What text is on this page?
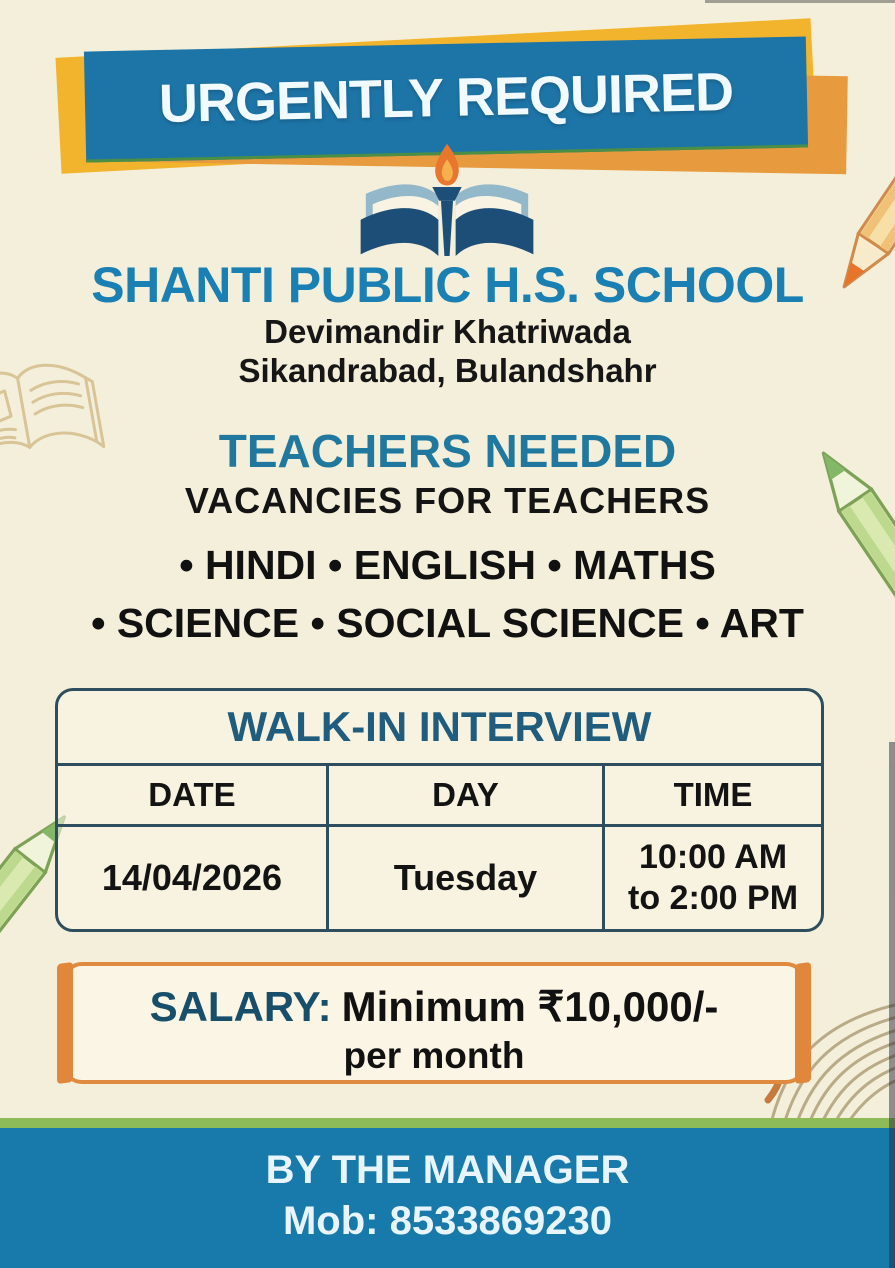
URGENTLY REQUIRED
SHANTI PUBLIC H.S. SCHOOL
Devimandir Khatriwada
Sikandrabad, Bulandshahr
TEACHERS NEEDED
VACANCIES FOR TEACHERS
• HINDI • ENGLISH • MATHS
• SCIENCE • SOCIAL SCIENCE • ART
WALK-IN INTERVIEW
DATE	DAY	TIME
14/04/2026	Tuesday	10:00 AM
to 2:00 PM
SALARY: Minimum ₹10,000/-
per month
BY THE MANAGER
Mob: 8533869230
